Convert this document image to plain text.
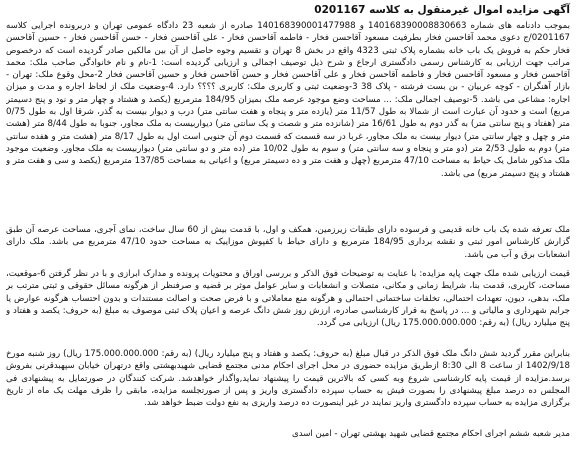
آگهی مزایده اموال غیرمنقول به کلاسه 0201167

بموجب دادنامه های شماره 140168390008830663 و 140168390001477988 صادره از شعبه 23 دادگاه عمومی تهران و دربرونده اجرایی کلاسه 0201167/ج دعوی محمد آقاحسن فخار بطرفیت مسعود آقاحسن فخار - فاطمه آقاحسن فخار - علی آقاحسن فخار - حسن آقاحسن فخار - حسین آقاحسن فخار حکم به فروش یک باب خانه بشماره پلاک ثبتی 4323 واقع در بخش 8 تهران و تقسیم وجوه حاصل از آن بین مالکین صادر گردیده است که درخصوص مراتب جهت ارزیابی به کارشناس رسمی دادگستری ارجاع و شرح ذیل توصیف اجمالی و ارزیابی گردیده است: 1-نام و نام خانوادگی صاحب ملک: محمد آقاحسن فخار و مسعود آقاحسن فخار و فاطمه آقاحسن فخار و علی آقاحسن فخار و حسن آقاحسن فخار و حسین آقاحسن فخار 2-محل وقوع ملک: تهران - بازار آهنگران - کوچه عربیان - بن بست فرشته - پلاک 38 3-وضعیت ثبتی و کاربری ملک: کاربری ؟؟؟؟ دارد. 4-وضعیت ملک از لحاظ اجاره و مدت و میزان اجاره: مشاعی می باشد. 5-توصیف اجمالی ملک: ... مساحت وضع موجود عرصه ملک بمیزان 184/95 مترمربع (یکصد و هشتاد و چهار متر و نود و پنج دسیمتر مربع) است و حدود آن عبارت است از شمالا به طول 11/57 متر (یازده متر و پنجاه و هفت سانتی متر) درب و دیوار بیست به گذر، شرقا اول به طول 0/75 متر (هفتاد و پنج سانتی متر) به گذر دوم به طول 16/61 متر (شانزده متر و شصت و یک سانتی متر) دیواربیست به ملک مجاور، جنوبا به طول 8/44 متر (هشت متر و چهل و چهار سانتی متر) دیوار بیست به ملک مجاور، غربا در سه قسمت که قسمت دوم آن جنوبی است اول به طول 8/17 متر (هشت متر و هفده سانتی متر) دوم به طول 2/53 متر (دو متر و پنجاه و سه سانتی متر) و سوم به طول 10/02 متر (ده متر و دو سانتی متر) دیواربیست به ملک مجاور. وضعیت موجود ملک مذکور شامل یک حیاط به مساحت 47/10 مترمربع (چهل و هفت متر و ده دسیمتر مربع) و اعیانی به مساحت 137/85 مترمربع (یکصد و سی و هفت متر و هشتاد و پنج دسیمتر مربع) می باشد.

ملک تعرفه شده یک باب خانه قدیمی و فرسوده دارای طبقات زیرزمین، همکف و اول، با قدمت بیش از 60 سال ساخت، نمای آجری، مساحت عرصه آن طبق گزارش کارشناس امور ثبتی و نقشه برداری 184/95 مترمربع و دارای حیاط با کفپوش موزاییک به مساحت حدود 47/10 مترمربع می باشد. ملک دارای انشعابات برق و آب می باشد.

قیمت ارزیابی شده ملک جهت پایه مزایده: با عنایت به توضیحات فوق الذکر و بررسی اوراق و محتویات پرونده و مدارک ابرازی و با در نظر گرفتن 6-موقعیت، مساحت، کاربری، قدمت بنا، شرایط زمانی و مکانی، متصلات و انشعابات و سایر عوامل موثر بر قضیه و صرفنظر از هرگونه مسائل حقوقی و ثبتی مترتب بر ملک، بدهی، دیون، تعهدات احتمالی، تخلفات ساختمانی احتمالی و هرگونه منع معاملاتی و با فرض صحت و اصالت مستندات و بدون احتساب هرگونه عوارض یا جرایم شهرداری و مالیاتی و ... در پاسخ به قرار کارشناسی صادره، ارزش روز شش دانگ عرصه و اعیان پلاک ثبتی موصوف به مبلغ (به حروف: یکصد و هفتاد و پنج میلیارد ریال) (به رقم: 175.000.000.000 ریال) ارزیابی می گردد.

بنابراین مقرر گردید شش دانگ ملک فوق الذکر در قبال مبلغ (به حروف: یکصد و هفتاد و پنج میلیارد ریال) (به رقم: 175.000.000.000 ریال) روز شنبه مورخ 1402/9/18 از ساعت 8 الی 8:30 ازطریق مزایده حضوری در محل اجرای احکام مدنی مجتمع قضایی شهیدبهشتی واقع درتهران خیابان سپهبدقرنی بفروش برسد.مزایده از قیمت پایه کارشناسی شروع وبه کسی که بالاترین قیمت را پیشنهاد نماید,واگذار خواهدشد. شرکت کنندگان در صورتمایل به پیشنهادی فی المجلس ده درصد مبلغ پیشنهادی را بصورت فیش به حساب سپرده دادگستری واریز و پس از صورتجلسه مزایده، مابقی را ظرف مهلت یک ماه از تاریخ برگزاری مزایده به حساب سپرده دادگستری واریز نمایند در غیر اینصورت ده درصد واریزی به نفع دولت ضبط خواهد شد.

مدیر شعبه ششم اجرای احکام مجتمع قضایی شهید بهشتی تهران - امین اسدی
